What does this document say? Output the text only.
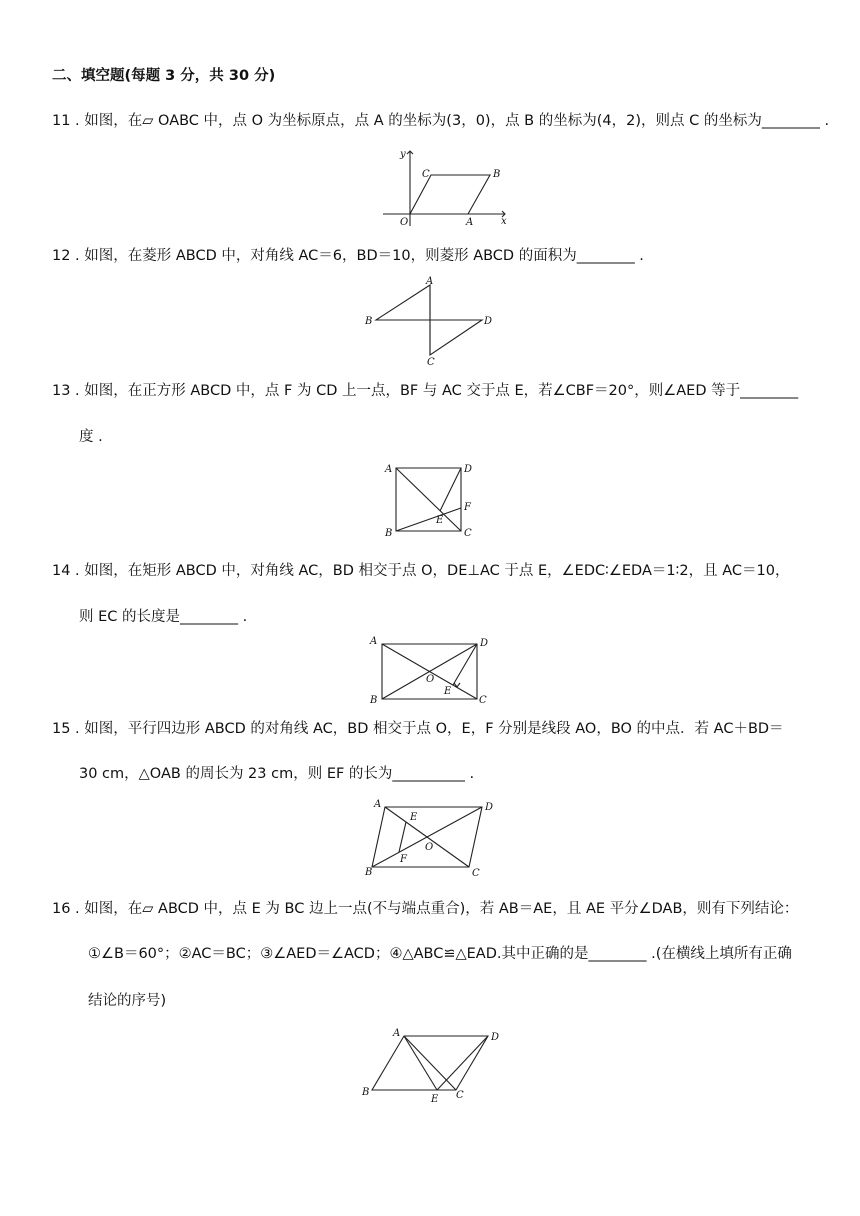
二、填空题(每题 3 分，共 30 分)
11 . 如图，在▱ OABC 中，点 O 为坐标原点，点 A 的坐标为(3，0)，点 B 的坐标为(4，2)，则点 C 的坐标为________ .
y
C	B
O	A	x
12 . 如图，在菱形 ABCD 中，对角线 AC＝6，BD＝10，则菱形 ABCD 的面积为________ .
A
B	D
C
13 . 如图，在正方形 ABCD 中，点 F 为 CD 上一点，BF 与 AC 交于点 E，若∠CBF＝20°，则∠AED 等于________
度 .
A	D
F
E
B	C
14 . 如图，在矩形 ABCD 中，对角线 AC，BD 相交于点 O，DE⊥AC 于点 E，∠EDC∶∠EDA＝1∶2，且 AC＝10，
则 EC 的长度是________ .
A	D
O
E
B	C
15 . 如图，平行四边形 ABCD 的对角线 AC，BD 相交于点 O，E，F 分别是线段 AO，BO 的中点．若 AC＋BD＝
30 cm，△OAB 的周长为 23 cm，则 EF 的长为__________ .
A	D
E
O
F
B	C
16 . 如图，在▱ ABCD 中，点 E 为 BC 边上一点(不与端点重合)，若 AB＝AE，且 AE 平分∠DAB，则有下列结论：
①∠B＝60°；②AC＝BC；③∠AED＝∠ACD；④△ABC≌△EAD.其中正确的是________ .(在横线上填所有正确
结论的序号)
A	D
B
E C
